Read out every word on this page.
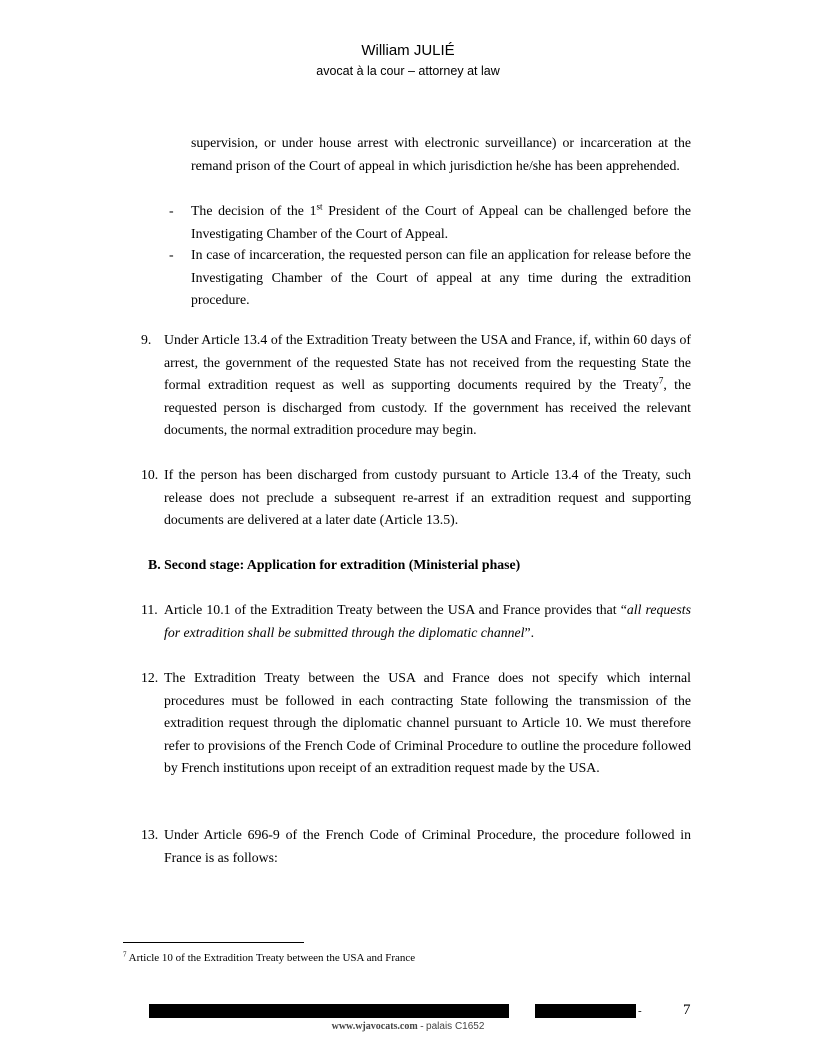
William JULIÉ
avocat à la cour – attorney at law
supervision, or under house arrest with electronic surveillance) or incarceration at the remand prison of the Court of appeal in which jurisdiction he/she has been apprehended.
-	The decision of the 1st President of the Court of Appeal can be challenged before the Investigating Chamber of the Court of Appeal.
-	In case of incarceration, the requested person can file an application for release before the Investigating Chamber of the Court of appeal at any time during the extradition procedure.
9. Under Article 13.4 of the Extradition Treaty between the USA and France, if, within 60 days of arrest, the government of the requested State has not received from the requesting State the formal extradition request as well as supporting documents required by the Treaty$^7$, the requested person is discharged from custody. If the government has received the relevant documents, the normal extradition procedure may begin.
10. If the person has been discharged from custody pursuant to Article 13.4 of the Treaty, such release does not preclude a subsequent re-arrest if an extradition request and supporting documents are delivered at a later date (Article 13.5).
B. Second stage: Application for extradition (Ministerial phase)
11. Article 10.1 of the Extradition Treaty between the USA and France provides that “all requests for extradition shall be submitted through the diplomatic channel”.
12. The Extradition Treaty between the USA and France does not specify which internal procedures must be followed in each contracting State following the transmission of the extradition request through the diplomatic channel pursuant to Article 10. We must therefore refer to provisions of the French Code of Criminal Procedure to outline the procedure followed by French institutions upon receipt of an extradition request made by the USA.
13. Under Article 696-9 of the French Code of Criminal Procedure, the procedure followed in France is as follows:
$^7$ Article 10 of the Extradition Treaty between the USA and France
-	7
www.wjavocats.com - palais C1652
